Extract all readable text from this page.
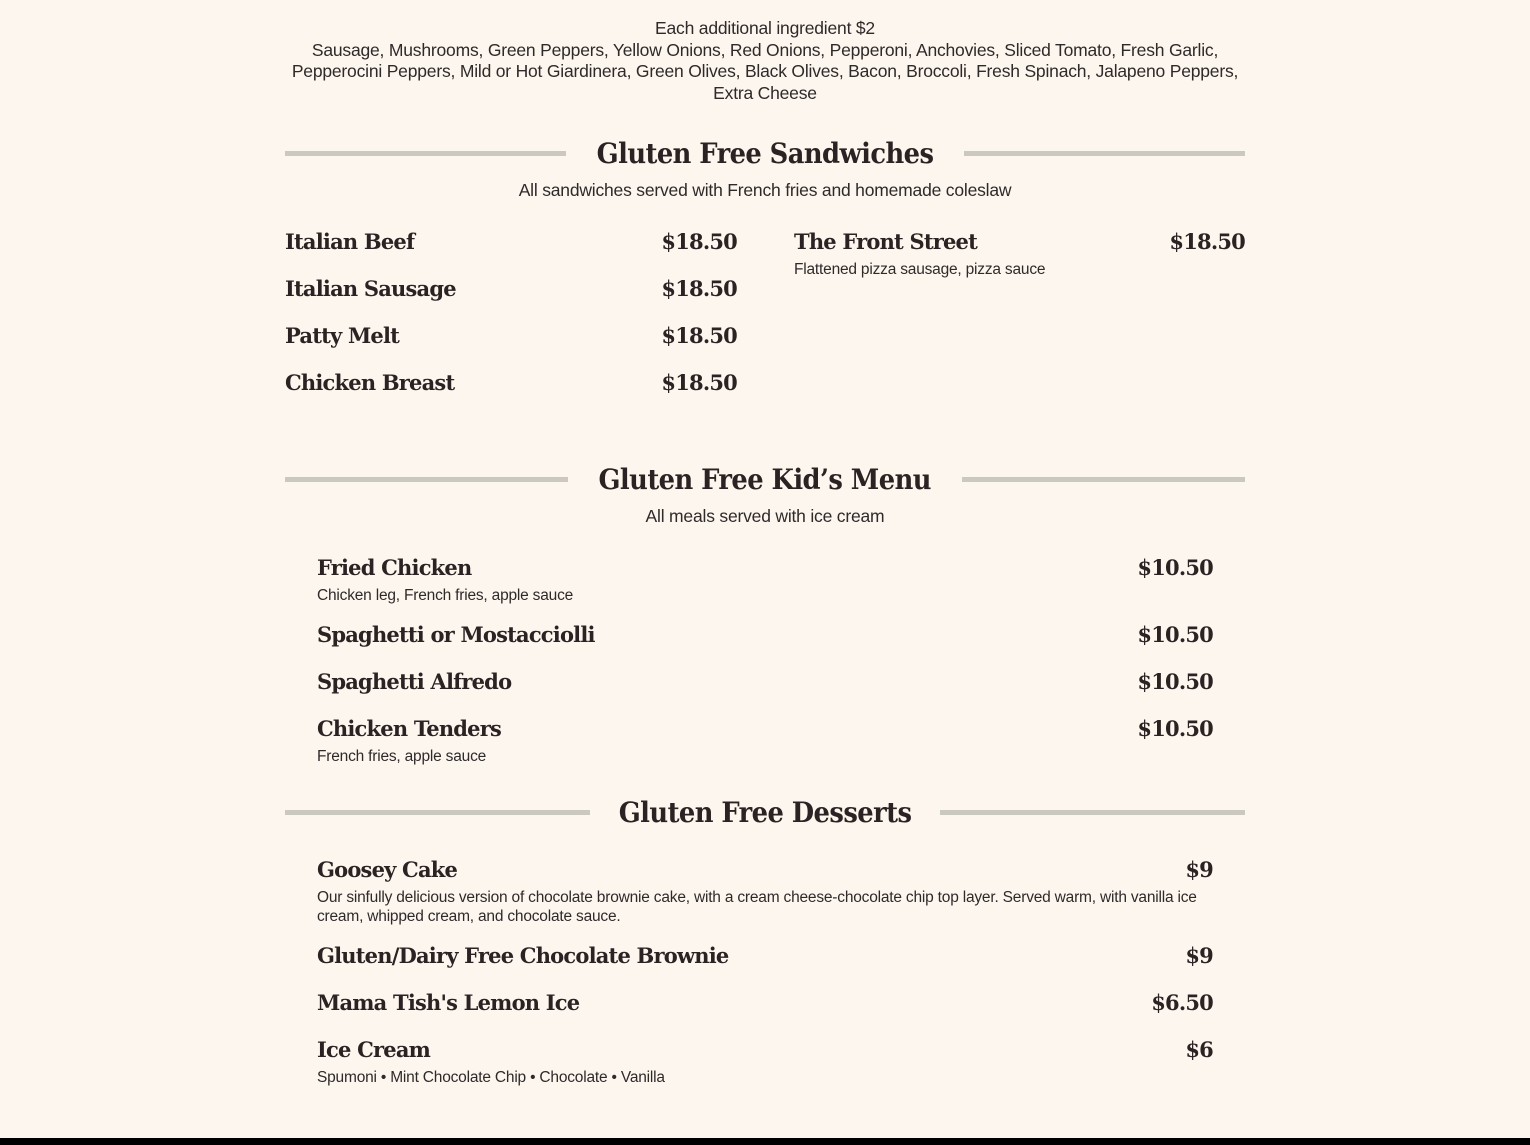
Each additional ingredient $2
Sausage, Mushrooms, Green Peppers, Yellow Onions, Red Onions, Pepperoni, Anchovies, Sliced Tomato, Fresh Garlic, Pepperocini Peppers, Mild or Hot Giardinera, Green Olives, Black Olives, Bacon, Broccoli, Fresh Spinach, Jalapeno Peppers, Extra Cheese
Gluten Free Sandwiches
All sandwiches served with French fries and homemade coleslaw
Italian Beef	$18.50
Italian Sausage	$18.50
Patty Melt	$18.50
Chicken Breast	$18.50
The Front Street	$18.50
Flattened pizza sausage, pizza sauce
Gluten Free Kid’s Menu
All meals served with ice cream
Fried Chicken	$10.50
Chicken leg, French fries, apple sauce
Spaghetti or Mostacciolli	$10.50
Spaghetti Alfredo	$10.50
Chicken Tenders	$10.50
French fries, apple sauce
Gluten Free Desserts
Goosey Cake	$9
Our sinfully delicious version of chocolate brownie cake, with a cream cheese-chocolate chip top layer. Served warm, with vanilla ice cream, whipped cream, and chocolate sauce.
Gluten/Dairy Free Chocolate Brownie	$9
Mama Tish's Lemon Ice	$6.50
Ice Cream	$6
Spumoni • Mint Chocolate Chip • Chocolate • Vanilla
